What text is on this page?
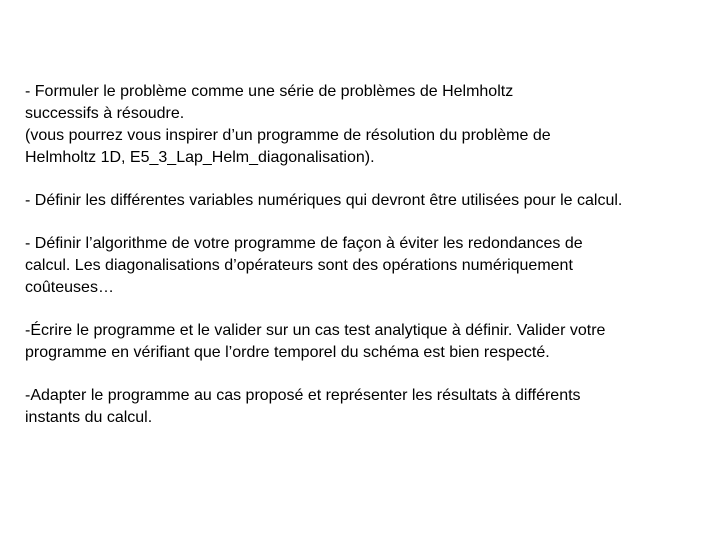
- Formuler le problème comme une série de problèmes de Helmholtz
successifs à résoudre.
(vous pourrez vous inspirer d’un programme de résolution du problème de
Helmholtz 1D, E5_3_Lap_Helm_diagonalisation).

- Définir les différentes variables numériques qui devront être utilisées pour le calcul.

- Définir l’algorithme de votre programme de façon à éviter les redondances de
calcul. Les diagonalisations d’opérateurs sont des opérations numériquement
coûteuses…

-Écrire le programme et le valider sur un cas test analytique à définir. Valider votre
programme en vérifiant que l’ordre temporel du schéma est bien respecté.

-Adapter le programme au cas proposé et représenter les résultats à différents
instants du calcul.
